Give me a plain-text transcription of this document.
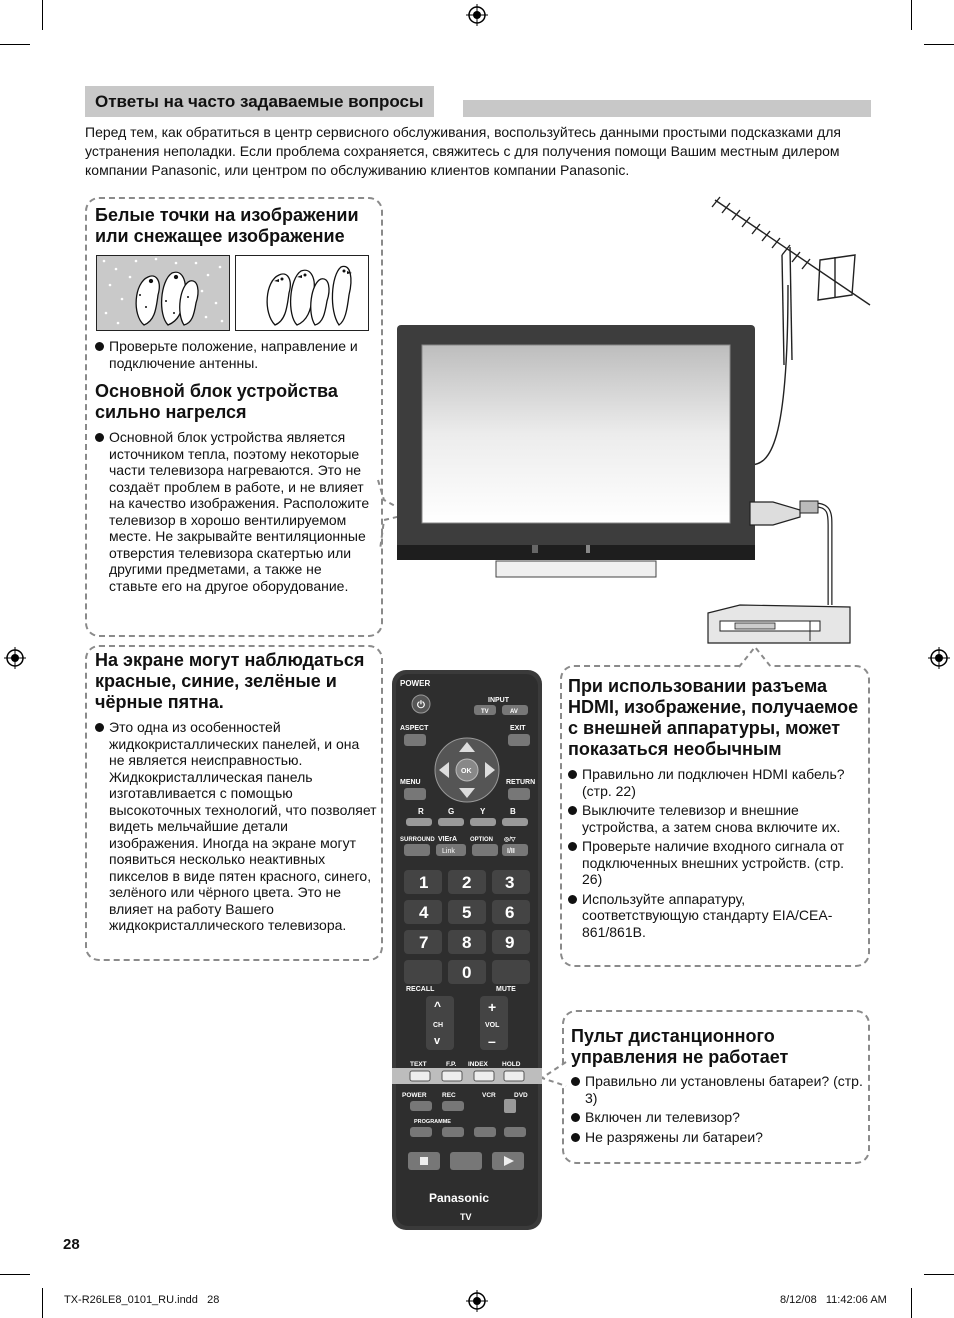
Ответы на часто задаваемые вопросы
Перед тем, как обратиться в центр сервисного обслуживания, воспользуйтесь данными простыми подсказками для устранения неполадки. Если проблема сохраняется, свяжитесь с для получения помощи Вашим местным дилером компании Panasonic, или центром по обслуживанию клиентов компании Panasonic.
Белые точки на изображении или снежащее изображение
Проверьте положение, направление и подключение антенны.
Основной блок устройства сильно нагрелся
Основной блок устройства является источником тепла, поэтому некоторые части телевизора нагреваются. Это не создаёт проблем в работе, и не влияет на качество изображения. Расположите телевизор в хорошо вентилируемом месте. Не закрывайте вентиляционные отверстия телевизора скатертью или другими предметами, а также не ставьте его на другое оборудование.
На экране могут наблюдаться красные, синие, зелёные и чёрные пятна.
Это одна из особенностей жидкокристаллических панелей, и она не является неисправностью. Жидкокристаллическая панель изготавливается с помощью высокоточных технологий, что позволяет видеть мельчайшие детали изображения. Иногда на экране могут появиться несколько неактивных пикселов в виде пятен красного, синего, зелёного или чёрного цвета. Это не влияет на работу Вашего жидкокристаллического телевизора.
При использовании разъема HDMI, изображение, получаемое с внешней аппаратуры, может показаться необычным
Правильно ли подключен HDMI кабель? (стр. 22)
Выключите телевизор и внешние устройства, а затем снова включите их.
Проверьте наличие входного сигнала от подключенных внешних устройств. (стр. 26)
Используйте аппаратуру, соответствующую стандарту EIA/CEA-861/861B.
Пульт дистанционного управления не работает
Правильно ли установлены батареи? (стр. 3)
Включен ли телевизор?
Не разряжены ли батареи?
POWER
⏻	INPUT
TV	AV
ASPECT	EXIT
OK
MENU	RETURN
R	G	Y	B
SURROUND VIErA OPTION ◎/▽
Link	I/II
1 2 3
4 5 6
7 8 9
0
RECALL	MUTE
^
CH
v
+
VOL
–
TEXT	F.P. INDEX HOLD
POWER REC	VCR	DVD
PROGRAMME
Panasonic
TV
28
TX-R26LE8_0101_RU.indd   28	8/12/08   11:42:06 AM
